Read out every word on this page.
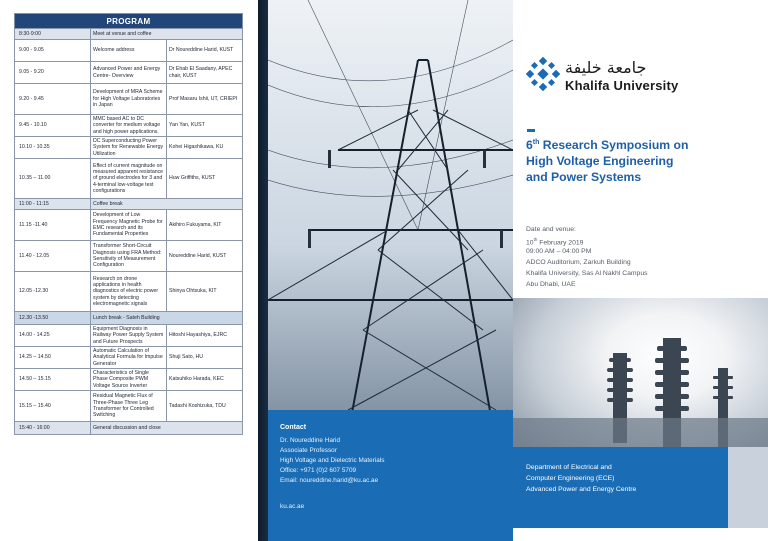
PROGRAM		
8:30-9:00	Meet at venue and coffee	
9.00 - 9.05	Welcome address	Dr Noureddine Harid, KUST
9.05 - 9.20	Advanced Power and Energy Centre- Overview	Dr Ehab El Saadany, APEC chair, KUST
9.20 - 9.45	Development of MRA Scheme for High Voltage Laboratories in Japan	Prof Masaru Ishii, UT, CRIEPI
9.45 - 10.10	MMC based AC to DC converter for medium voltage and high power applications.	Yan Yan, KUST
10.10 - 10.35	DC Superconducting Power System for Renewable Energy Utilization	Kohei Higashikawa, KU
10.35 – 11.00	Effect of current magnitude on measured apparent resistance of ground electrodes for 3 and 4-terminal low-voltage test configurations	Huw Griffiths, KUST
11:00 - 11:15	Coffee break	
11.15 -11.40	Development of Low Frequency Magnetic Probe for EMC research and its Fundamental Properties	Akihiro Fukuyama, KIT
11.40 - 12.05	Transformer Short-Circuit Diagnosis using FRA Method: Sensitivity of Measurement Configuration	Noureddine Harid, KUST
12.05 -12.30	Research on drone applications in health diagnostics of electric power system by detecting electromagnetic signals	Shinya Ohtsuka, KIT
12.30 -13.50	Lunch break - Sateh Building	
14.00 - 14.25	Equipment Diagnosis in Railway Power Supply System and Future Prospects	Hitoshi Hayashiya, EJRC
14.25 – 14.50	Automatic Calculation of Analytical Formula for Impulse Generator	Shuji Sato, HU
14.50 – 15.15	Characteristics of Single Phase Composite PWM Voltage Source Inverter	Katsuhiko Harada, KEC
15.15 – 15.40	Residual Magnetic Flux of Three-Phase Three Leg Transformer for Controlled Switching	Tadashi Koshizuka, TDU
15:40 - 16:00	General discussion and close		Contact
Dr. Noureddine Harid
Associate Professor
High Voltage and Dielectric Materials
Office: +971 (0)2 607 5709
Email: noureddine.harid@ku.ac.ae
ku.ac.ae
جامعة خليفة
Khalifa University
6th Research Symposium on
High Voltage Engineering
and Power Systems
Date and venue:
10th February 2019
09:00 AM – 04:00 PM
ADCO Auditorium, Zarkuh Building
Khalifa University, Sas Al Nakhl Campus
Abu Dhabi, UAE
Department of Electrical and
Computer Engineering (ECE)
Advanced Power and Energy Centre
